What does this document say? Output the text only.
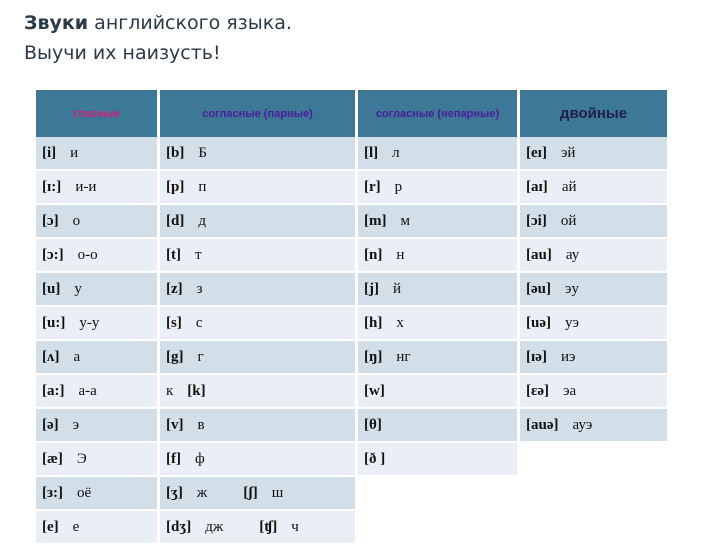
Звуки английского языка.
Выучи их наизусть!
гласные	согласные (парные)	согласные (непарные)	двойные
[i] и	[b] Б	[l] л	[eɪ] эй
[ɪ:] и-и	[p] п	[r] р	[aɪ] ай
[ɔ] о	[d] д	[m] м	[ɔi] ой
[ɔ:] о-о	[t] т	[n] н	[au] ау
[u] у	[z] з	[j] й	[əu] эу
[u:] у-у	[s] с	[h] х	[uə] уэ
[ʌ] а	[g] г	[ŋ] нг	[ɪə] иэ
[a:] а-а	к [k]	[w]	[ɛə] эа
[ə] э	[v] в	[θ]	[auə] ауэ
[æ] Э	[f] ф	[ð ]	
[з:] оё	[ʒ] ж [ʃ] ш		
[e] е	[dʒ] дж [ʧ] ч		
